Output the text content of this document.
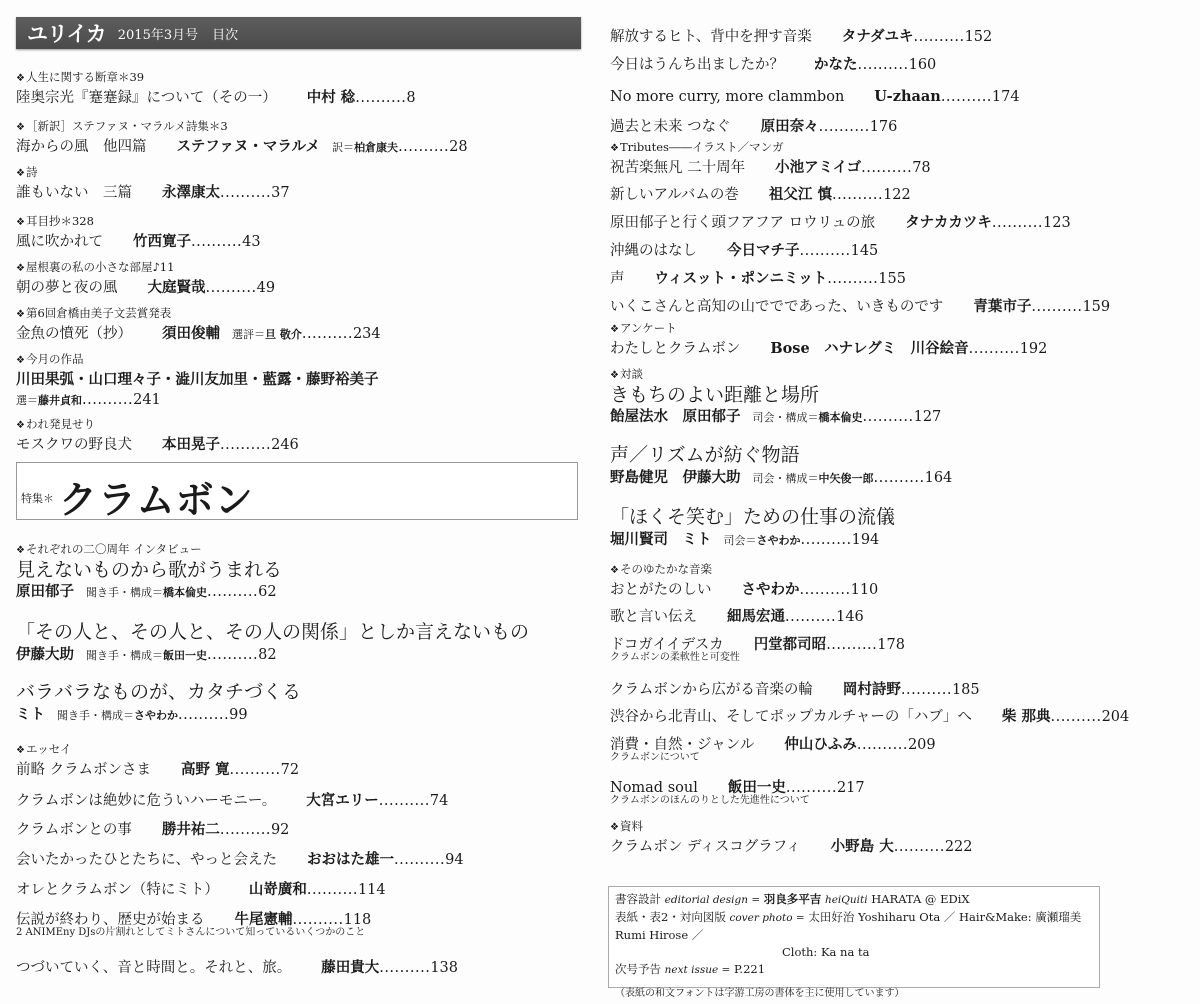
ユリイカ 2015年3月号 目次
❖ 人生に関する断章＊39
陸奥宗光『蹇蹇録』について（その一） 中村 稔	..... 8
❖ ［新訳］ステファヌ・マラルメ詩集＊3
海からの風　他四篇 ステファヌ・マラルメ 訳＝柏倉康夫	..... 28
❖ 詩
誰もいない　三篇 永澤康太	..... 37
❖ 耳目抄＊328
風に吹かれて 竹西寛子	..... 43
❖ 屋根裏の私の小さな部屋♪11
朝の夢と夜の風 大庭賢哉	..... 49
❖ 第6回倉橋由美子文芸賞発表
金魚の憤死（抄） 須田俊輔 選評＝旦 敬介	..... 234
❖ 今月の作品
川田果弧・山口理々子・澁川友加里・藍露・藤野裕美子
選＝藤井貞和	..... 241
❖ われ発見せり
モスクワの野良犬 本田晃子	..... 246
❖ それぞれの二〇周年 インタビュー
見えないものから歌がうまれる
原田郁子 聞き手・構成＝橋本倫史	..... 62
「その人と、その人と、その人の関係」としか言えないもの
伊藤大助 聞き手・構成＝飯田一史	..... 82
バラバラなものが、カタチづくる
ミト 聞き手・構成＝さやわか	..... 99
❖ エッセイ
前略 クラムボンさま 高野 寛	..... 72
クラムボンは絶妙に危ういハーモニー。 大宮エリー	..... 74
クラムボンとの事 勝井祐二	..... 92
会いたかったひとたちに、やっと会えた おおはた雄一	..... 94
オレとクラムボン（特にミト） 山嵜廣和	..... 114
伝説が終わり、歴史が始まる 牛尾憲輔	..... 118
2 ANIMEny DJsの片割れとしてミトさんについて知っているいくつかのこと
つづいていく、音と時間と。それと、旅。 藤田貴大	..... 138
解放するヒト、背中を押す音楽 タナダユキ	..... 152
今日はうんち出ましたか？ かなた	..... 160
No more curry, more clammbon U-zhaan	..... 174
過去と未来 つなぐ 原田奈々	..... 176
❖ Tributes――イラスト／マンガ
祝苦楽無凡 二十周年 小池アミイゴ	..... 78
新しいアルバムの巻 祖父江 慎	..... 122
原田郁子と行く頭フアフア ロウリュの旅 タナカカツキ	..... 123
沖縄のはなし 今日マチ子	..... 145
声 ウィスット・ポンニミット	..... 155
いくこさんと高知の山ででであった、いきものです 青葉市子	..... 159
❖ アンケート
わたしとクラムボン Bose　ハナレグミ　川谷絵音	..... 192
❖ 対談
きもちのよい距離と場所
飴屋法水　原田郁子 司会・構成＝橋本倫史	..... 127
声／リズムが紡ぐ物語
野島健児　伊藤大助 司会・構成＝中矢俊一郎	..... 164
「ほくそ笑む」ための仕事の流儀
堀川賢司　ミト 司会＝さやわか	..... 194
❖ そのゆたかな音楽
おとがたのしい さやわか	..... 110
歌と言い伝え 細馬宏通	..... 146
ドコガイイデスカ 円堂都司昭	..... 178
クラムボンの柔軟性と可変性
クラムボンから広がる音楽の輪 岡村詩野	..... 185
渋谷から北青山、そしてポップカルチャーの「ハブ」へ 柴 那典	..... 204
消費・自然・ジャンル 仲山ひふみ	..... 209
クラムボンについて
Nomad soul 飯田一史	..... 217
クラムボンのほんのりとした先進性について
❖ 資料
クラムボン ディスコグラフィ 小野島 大	..... 222
特集＊ クラムボン
書容設計 editorial design = 羽良多平吉 heiQuiti HARATA @ EDiX
表紙・表2・対向図版 cover photo = 太田好治 Yoshiharu Ota ／ Hair&Make: 廣瀬瑠美 Rumi Hirose ／
Cloth: Ka na ta
次号予告 next issue = P.221
（表紙の和文フォントは字游工房の書体を主に使用しています）
